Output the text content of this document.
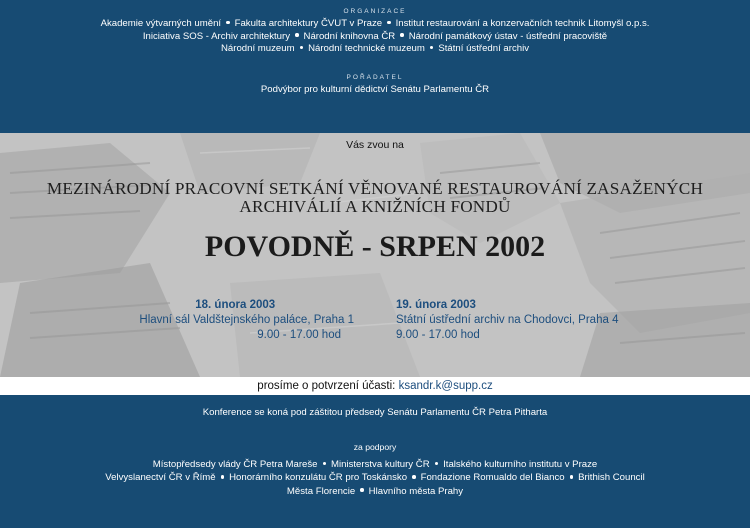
ORGANIZACE
Akademie výtvarných umění Fakulta architektury ČVUT v Praze Institut restaurování a konzervačních technik Litomyšl o.p.s.
Iniciativa SOS - Archiv architektury Národní knihovna ČR Národní památkový ústav - ústřední pracoviště
Národní muzeum Národní technické muzeum Státní ústřední archiv
POŘADATEL
Podvýbor pro kulturní dědictví Senátu Parlamentu ČR
Vás zvou na
MEZINÁRODNÍ PRACOVNÍ SETKÁNÍ VĚNOVANÉ RESTAUROVÁNÍ ZASAŽENÝCH
ARCHIVÁLIÍ A KNIŽNÍCH FONDŮ
POVODNĚ - SRPEN 2002
18. února 2003
Hlavní sál Valdštejnského paláce, Praha 1
9.00 - 17.00 hod
19. února 2003
Státní ústřední archiv na Chodovci, Praha 4
9.00 - 17.00 hod
prosíme o potvrzení účasti: ksandr.k@supp.cz
Konference se koná pod záštitou předsedy Senátu Parlamentu ČR Petra Pitharta
za podpory
Místopředsedy vlády ČR Petra Mareše Ministerstva kultury ČR Italského kulturního institutu v Praze
Velvyslanectví ČR v Římě Honorárního konzulátu ČR pro Toskánsko Fondazione Romualdo del Bianco Brithish Council
Města Florencie Hlavního města Prahy
